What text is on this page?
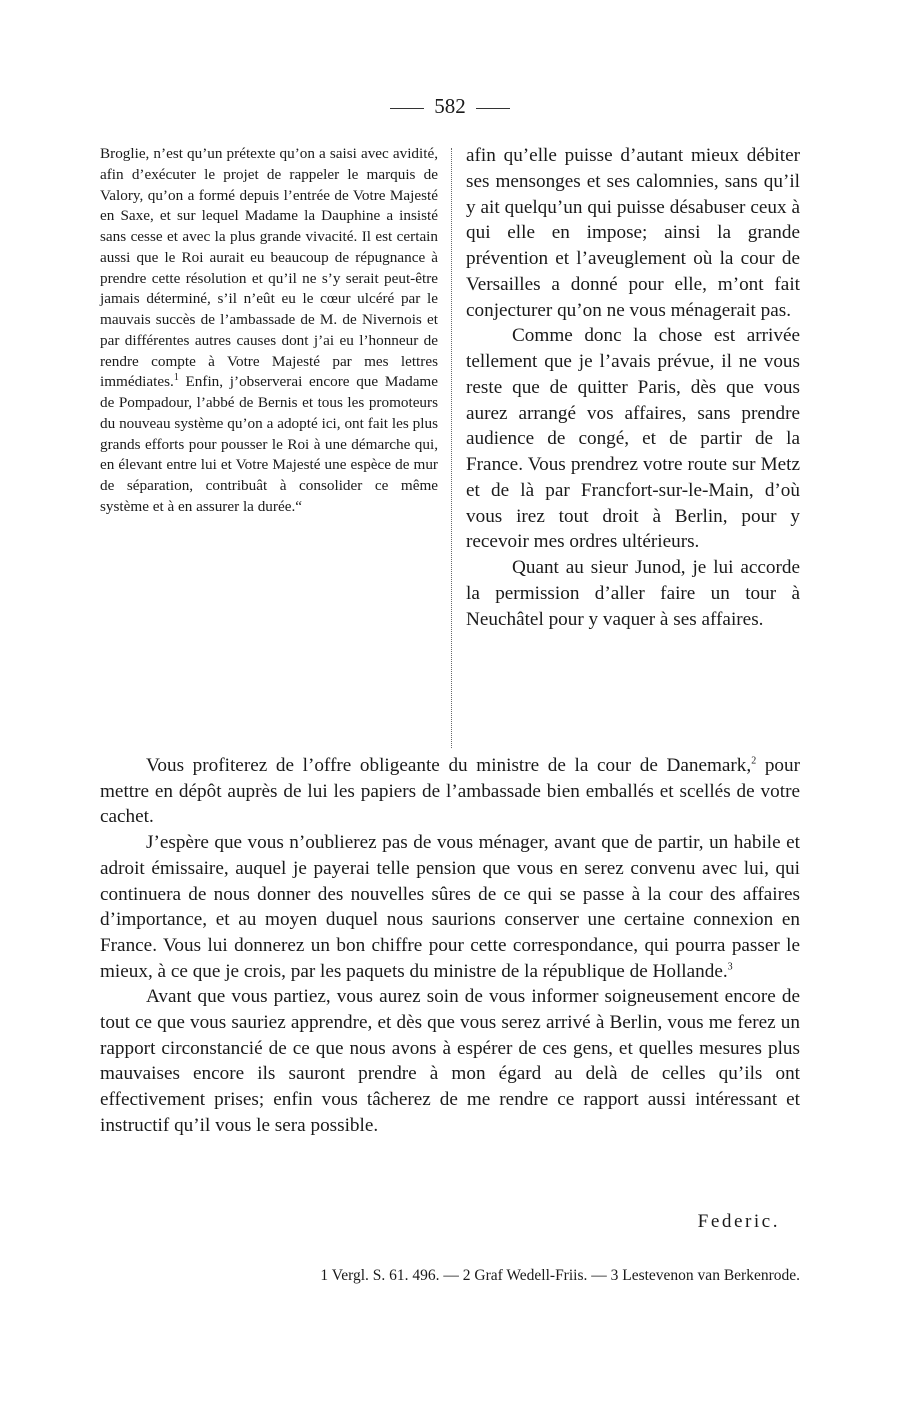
582

Broglie, n’est qu’un prétexte qu’on a saisi avec avidité, afin d’exécuter le projet de rappeler le marquis de Valory, qu’on a formé depuis l’entrée de Votre Majesté en Saxe, et sur lequel Madame la Dauphine a insisté sans cesse et avec la plus grande vivacité. Il est certain aussi que le Roi aurait eu beaucoup de répugnance à prendre cette résolution et qu’il ne s’y serait peut-être jamais déterminé, s’il n’eût eu le cœur ulcéré par le mauvais succès de l’ambassade de M. de Nivernois et par différentes autres causes dont j’ai eu l’honneur de rendre compte à Votre Majesté par mes lettres immédiates.$^1$ Enfin, j’observerai encore que Madame de Pompadour, l’abbé de Bernis et tous les promoteurs du nouveau système qu’on a adopté ici, ont fait les plus grands efforts pour pousser le Roi à une démarche qui, en élevant entre lui et Votre Majesté une espèce de mur de séparation, contribuât à consolider ce même système et à en assurer la durée.“

afin qu’elle puisse d’autant mieux débiter ses mensonges et ses calomnies, sans qu’il y ait quelqu’un qui puisse désabuser ceux à qui elle en impose; ainsi la grande prévention et l’aveuglement où la cour de Versailles a donné pour elle, m’ont fait conjecturer qu’on ne vous ménagerait pas.

Comme donc la chose est arrivée tellement que je l’avais prévue, il ne vous reste que de quitter Paris, dès que vous aurez arrangé vos affaires, sans prendre audience de congé, et de partir de la France. Vous prendrez votre route sur Metz et de là par Francfort-sur-le-Main, d’où vous irez tout droit à Berlin, pour y recevoir mes ordres ultérieurs.

Quant au sieur Junod, je lui accorde la permission d’aller faire un tour à Neuchâtel pour y vaquer à ses affaires.

Vous profiterez de l’offre obligeante du ministre de la cour de Danemark,$^2$ pour mettre en dépôt auprès de lui les papiers de l’ambassade bien emballés et scellés de votre cachet.

J’espère que vous n’oublierez pas de vous ménager, avant que de partir, un habile et adroit émissaire, auquel je payerai telle pension que vous en serez convenu avec lui, qui continuera de nous donner des nouvelles sûres de ce qui se passe à la cour des affaires d’importance, et au moyen duquel nous saurions conserver une certaine connexion en France. Vous lui donnerez un bon chiffre pour cette correspondance, qui pourra passer le mieux, à ce que je crois, par les paquets du ministre de la république de Hollande.$^3$

Avant que vous partiez, vous aurez soin de vous informer soigneusement encore de tout ce que vous sauriez apprendre, et dès que vous serez arrivé à Berlin, vous me ferez un rapport circonstancié de ce que nous avons à espérer de ces gens, et quelles mesures plus mauvaises encore ils sauront prendre à mon égard au delà de celles qu’ils ont effectivement prises; enfin vous tâcherez de me rendre ce rapport aussi intéressant et instructif qu’il vous le sera possible.

Federic.
1 Vergl. S. 61. 496. — 2 Graf Wedell-Friis. — 3 Lestevenon van Berkenrode.
